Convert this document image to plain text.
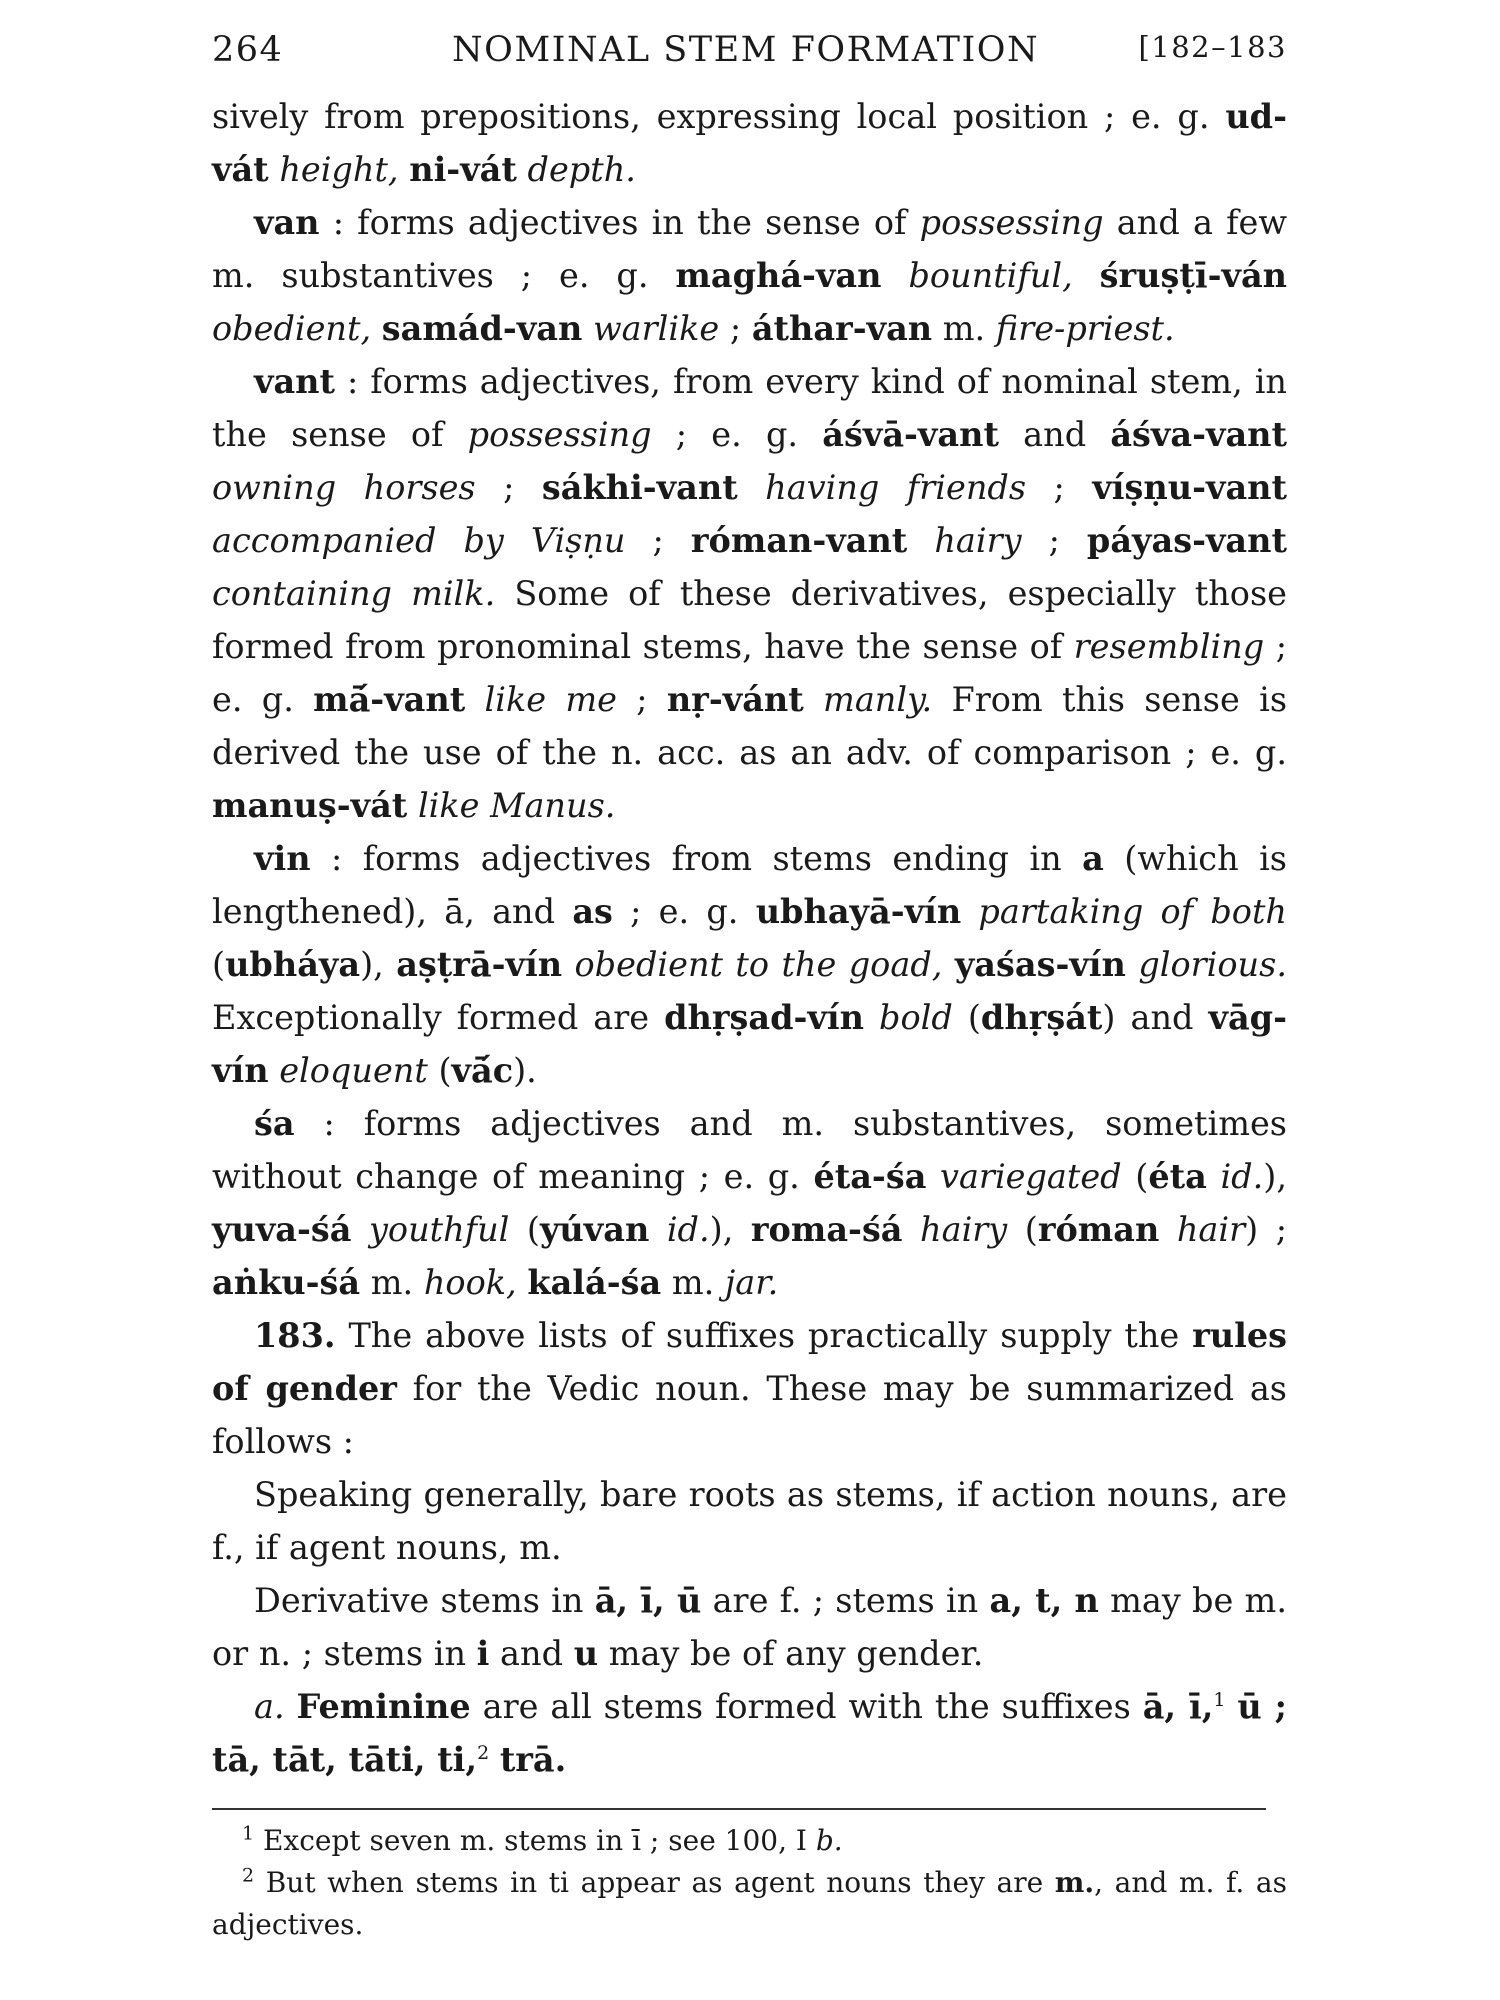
264	NOMINAL STEM FORMATION	[182–183

sively from prepositions, expressing local position ; e. g. ud-vát height, ni-vát depth.

van : forms adjectives in the sense of possessing and a few m. substantives ; e. g. maghá-van bountiful, śruṣṭī-ván obedient, samád-van warlike ; áthar-van m. fire-priest.

vant : forms adjectives, from every kind of nominal stem, in the sense of possessing ; e. g. áśvā-vant and áśva-vant owning horses ; sákhi-vant having friends ; víṣṇu-vant accompanied by Viṣṇu ; róman-vant hairy ; páyas-vant containing milk. Some of these derivatives, especially those formed from pronominal stems, have the sense of resembling ; e. g. mā́-vant like me ; nṛ-vánt manly. From this sense is derived the use of the n. acc. as an adv. of comparison ; e. g. manuṣ-vát like Manus.

vin : forms adjectives from stems ending in a (which is lengthened), ā, and as ; e. g. ubhayā-vín partaking of both (ubháya), aṣṭrā-vín obedient to the goad, yaśas-vín glorious. Exceptionally formed are dhṛṣad-vín bold (dhṛṣát) and vāg-vín eloquent (vā́c).

śa : forms adjectives and m. substantives, sometimes without change of meaning ; e. g. éta-śa variegated (éta id.), yuva-śá youthful (yúvan id.), roma-śá hairy (róman hair) ; aṅku-śá m. hook, kalá-śa m. jar.

183. The above lists of suffixes practically supply the rules of gender for the Vedic noun. These may be summarized as follows :

Speaking generally, bare roots as stems, if action nouns, are f., if agent nouns, m.

Derivative stems in ā, ī, ū are f. ; stems in a, t, n may be m. or n. ; stems in i and u may be of any gender.

a. Feminine are all stems formed with the suffixes ā, ī,$^1$ ū ; tā, tāt, tāti, ti,$^2$ trā.

$^1$ Except seven m. stems in ī ; see 100, I b.

$^2$ But when stems in ti appear as agent nouns they are m., and m. f. as adjectives.
